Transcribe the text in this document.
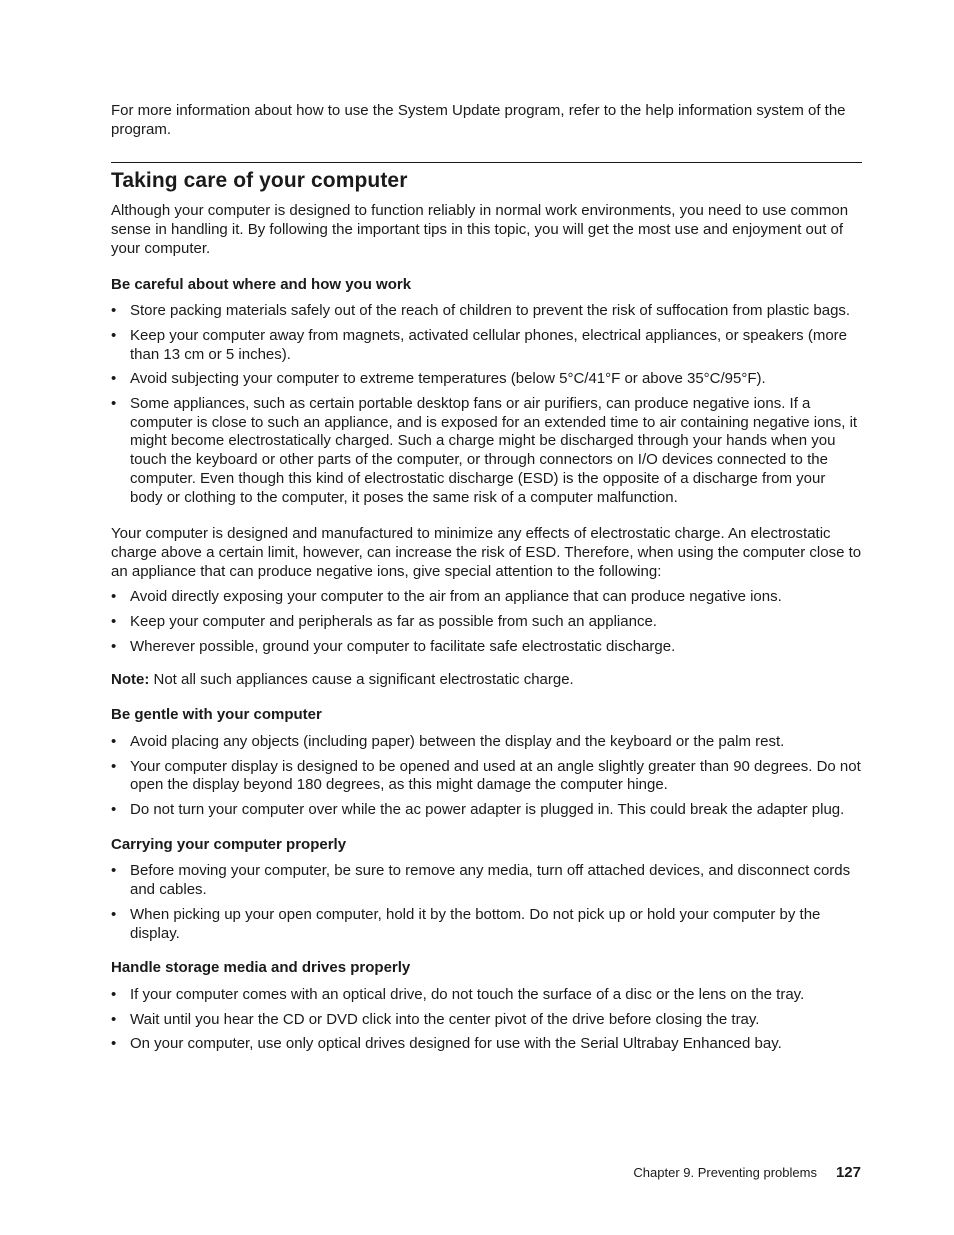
For more information about how to use the System Update program, refer to the help information system of the program.

Taking care of your computer

Although your computer is designed to function reliably in normal work environments, you need to use common sense in handling it. By following the important tips in this topic, you will get the most use and enjoyment out of your computer.

Be careful about where and how you work
• Store packing materials safely out of the reach of children to prevent the risk of suffocation from plastic bags.
• Keep your computer away from magnets, activated cellular phones, electrical appliances, or speakers (more than 13 cm or 5 inches).
• Avoid subjecting your computer to extreme temperatures (below 5°C/41°F or above 35°C/95°F).
• Some appliances, such as certain portable desktop fans or air purifiers, can produce negative ions. If a computer is close to such an appliance, and is exposed for an extended time to air containing negative ions, it might become electrostatically charged. Such a charge might be discharged through your hands when you touch the keyboard or other parts of the computer, or through connectors on I/O devices connected to the computer. Even though this kind of electrostatic discharge (ESD) is the opposite of a discharge from your body or clothing to the computer, it poses the same risk of a computer malfunction.

Your computer is designed and manufactured to minimize any effects of electrostatic charge. An electrostatic charge above a certain limit, however, can increase the risk of ESD. Therefore, when using the computer close to an appliance that can produce negative ions, give special attention to the following:

• Avoid directly exposing your computer to the air from an appliance that can produce negative ions.
• Keep your computer and peripherals as far as possible from such an appliance.
• Wherever possible, ground your computer to facilitate safe electrostatic discharge.

Note: Not all such appliances cause a significant electrostatic charge.

Be gentle with your computer
• Avoid placing any objects (including paper) between the display and the keyboard or the palm rest.
• Your computer display is designed to be opened and used at an angle slightly greater than 90 degrees. Do not open the display beyond 180 degrees, as this might damage the computer hinge.
• Do not turn your computer over while the ac power adapter is plugged in. This could break the adapter plug.
Carrying your computer properly
• Before moving your computer, be sure to remove any media, turn off attached devices, and disconnect cords and cables.
• When picking up your open computer, hold it by the bottom. Do not pick up or hold your computer by the display.
Handle storage media and drives properly
• If your computer comes with an optical drive, do not touch the surface of a disc or the lens on the tray.
• Wait until you hear the CD or DVD click into the center pivot of the drive before closing the tray.
• On your computer, use only optical drives designed for use with the Serial Ultrabay Enhanced bay.
Chapter 9. Preventing problems 127
